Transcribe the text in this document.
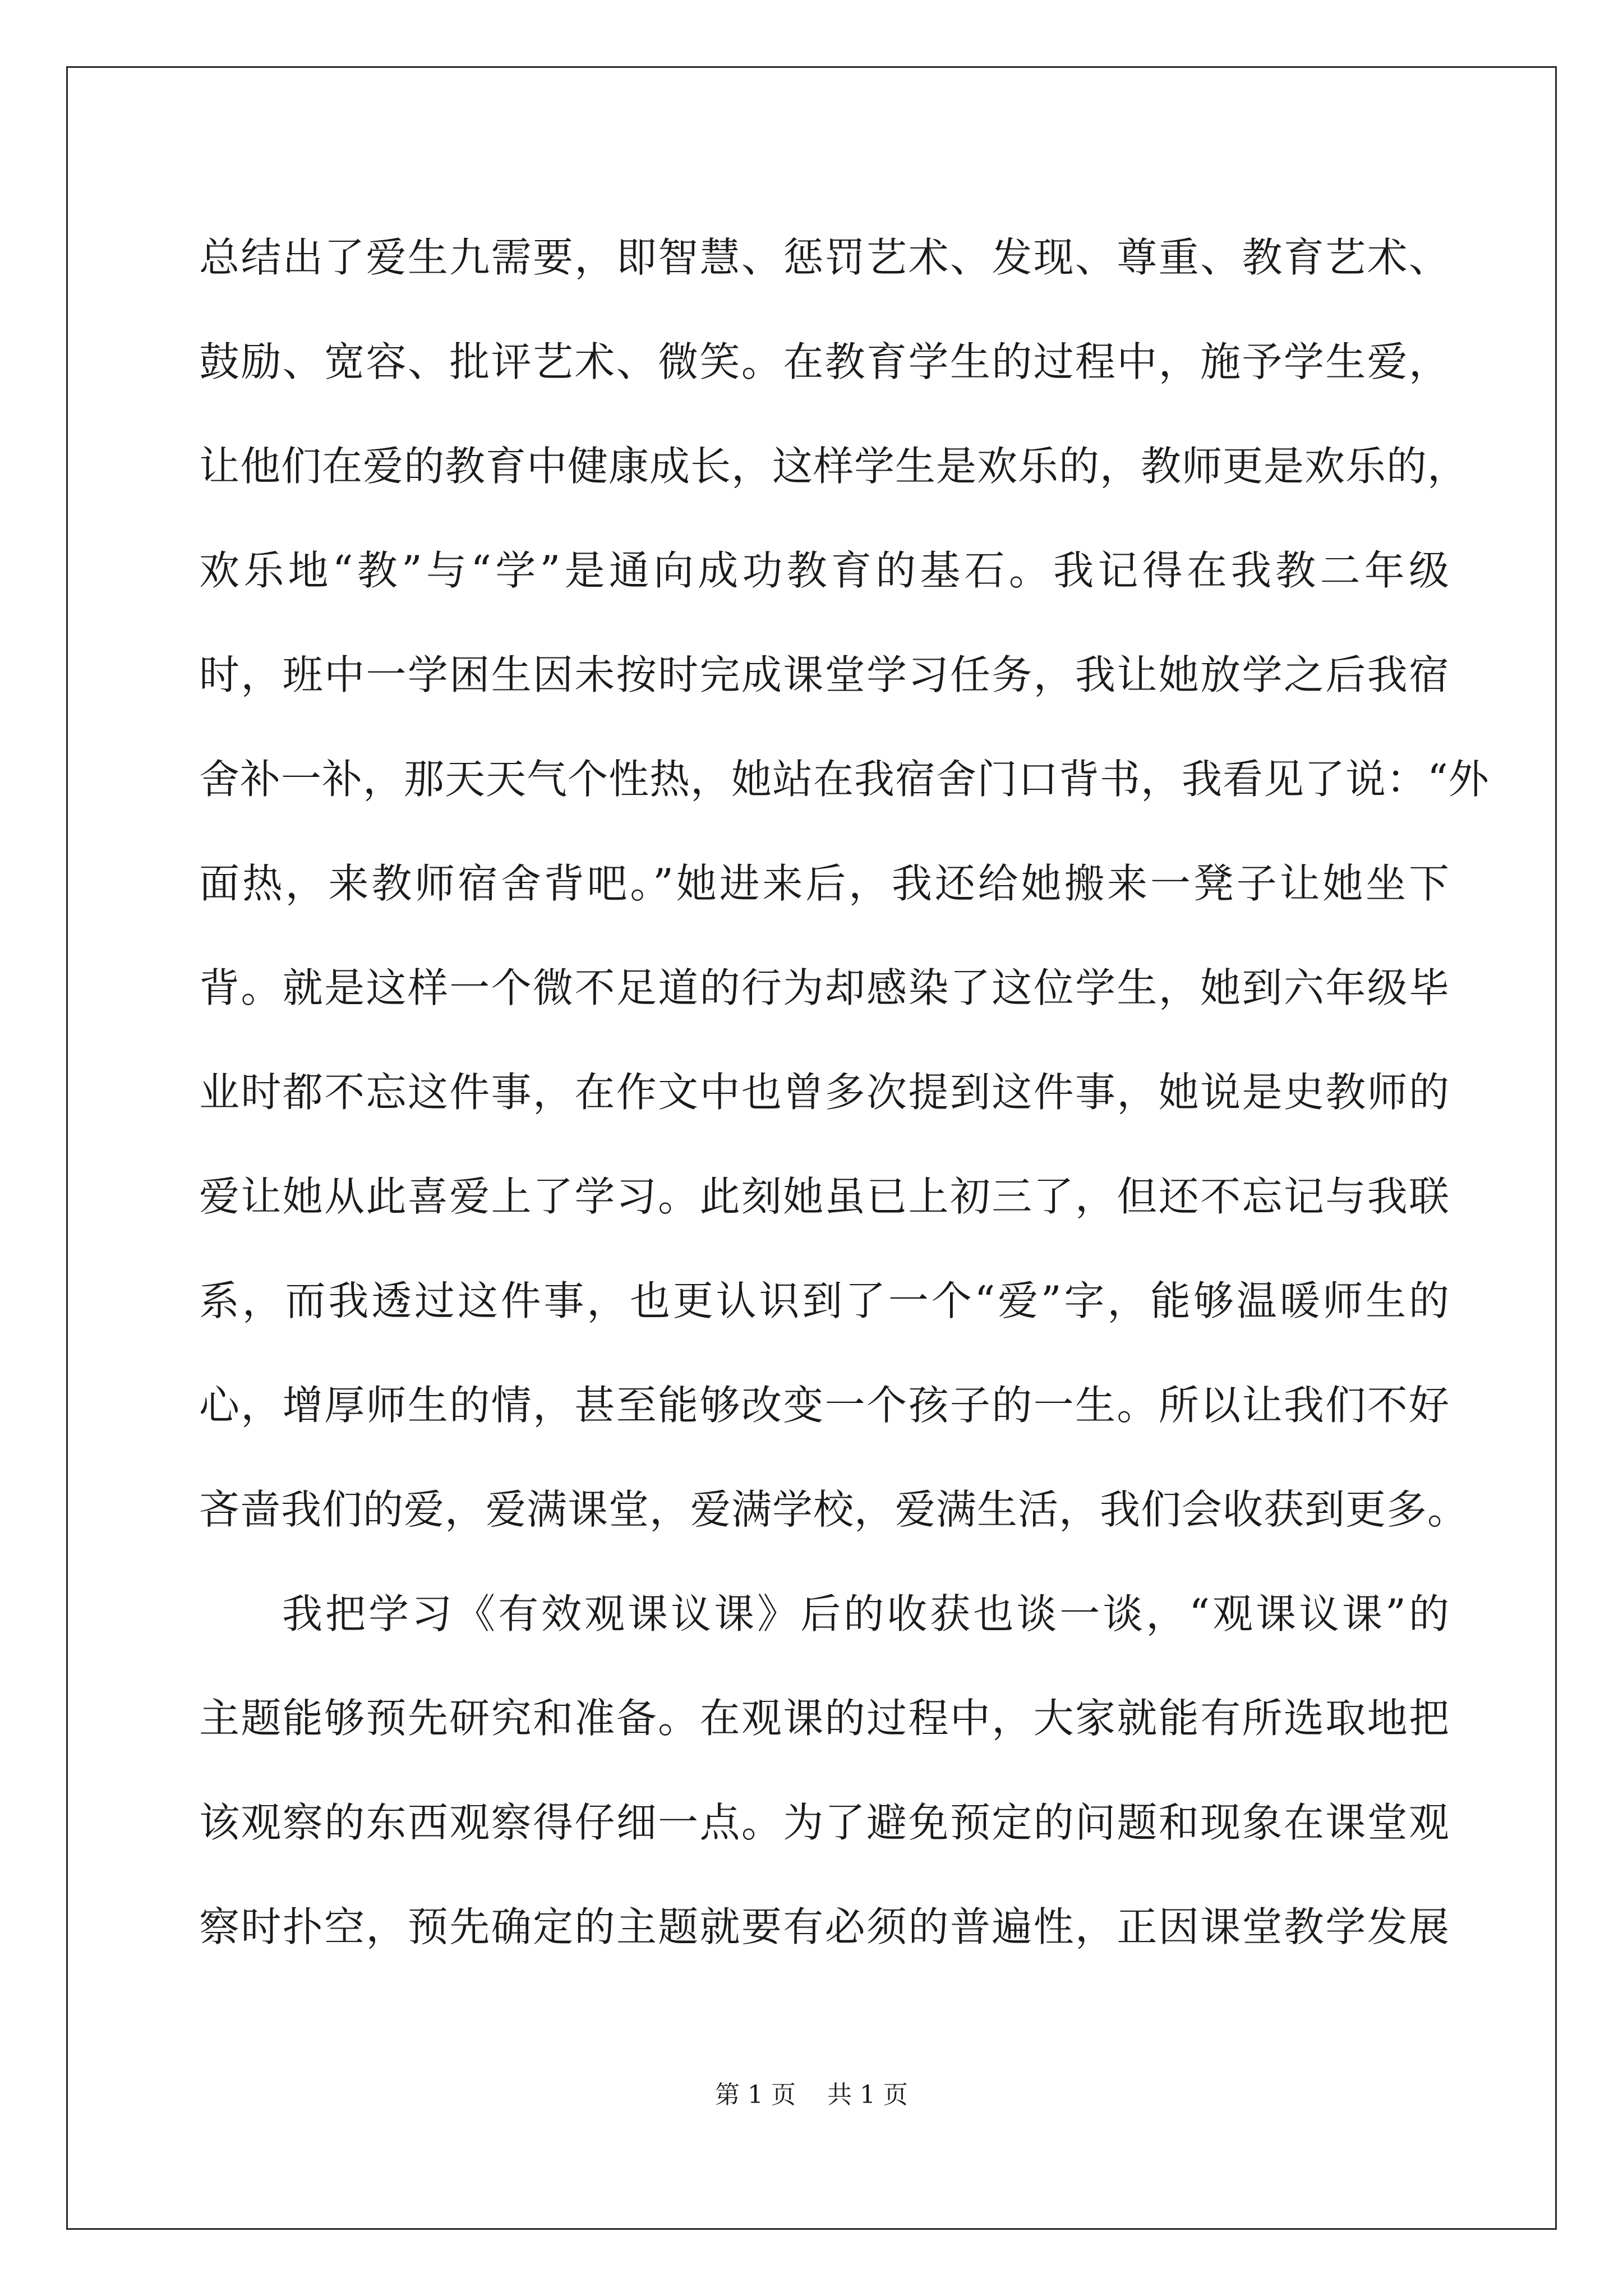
总结出了爱生九需要，即智慧、惩罚艺术、发现、尊重、教育艺术、
鼓励、宽容、批评艺术、微笑。在教育学生的过程中，施予学生爱，
让他们在爱的教育中健康成长，这样学生是欢乐的，教师更是欢乐的，
欢乐地“教”与“学”是通向成功教育的基石。我记得在我教二年级
时，班中一学困生因未按时完成课堂学习任务，我让她放学之后我宿
舍补一补，那天天气个性热，她站在我宿舍门口背书，我看见了说：“外
面热，来教师宿舍背吧。”她进来后，我还给她搬来一凳子让她坐下
背。就是这样一个微不足道的行为却感染了这位学生，她到六年级毕
业时都不忘这件事，在作文中也曾多次提到这件事，她说是史教师的
爱让她从此喜爱上了学习。此刻她虽已上初三了，但还不忘记与我联
系，而我透过这件事，也更认识到了一个“爱”字，能够温暖师生的
心，增厚师生的情，甚至能够改变一个孩子的一生。所以让我们不好
吝啬我们的爱，爱满课堂，爱满学校，爱满生活，我们会收获到更多。
我把学习《有效观课议课》后的收获也谈一谈，“观课议课”的
主题能够预先研究和准备。在观课的过程中，大家就能有所选取地把
该观察的东西观察得仔细一点。为了避免预定的问题和现象在课堂观
察时扑空，预先确定的主题就要有必须的普遍性，正因课堂教学发展
第 1 页    共 1 页
